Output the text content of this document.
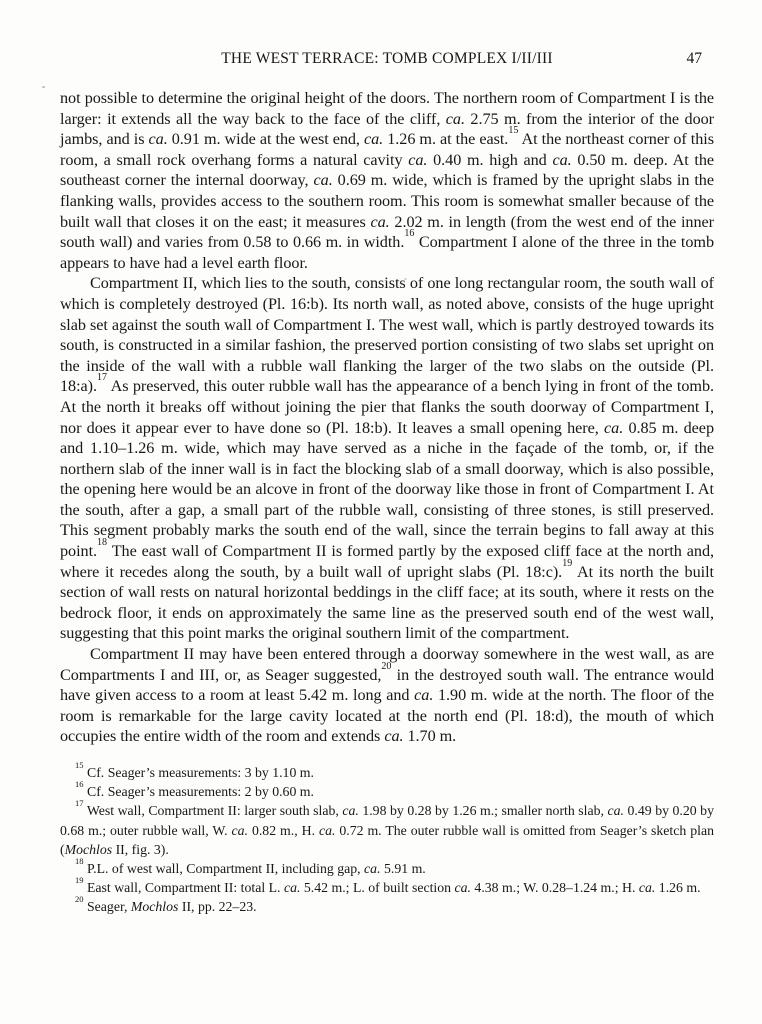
THE WEST TERRACE: TOMB COMPLEX I/II/III	47

not possible to determine the original height of the doors. The northern room of Compartment I is the larger: it extends all the way back to the face of the cliff, ca. 2.75 m. from the interior of the door jambs, and is ca. 0.91 m. wide at the west end, ca. 1.26 m. at the east.$^{15}$ At the northeast corner of this room, a small rock overhang forms a natural cavity ca. 0.40 m. high and ca. 0.50 m. deep. At the southeast corner the internal doorway, ca. 0.69 m. wide, which is framed by the upright slabs in the flanking walls, provides access to the southern room. This room is somewhat smaller because of the built wall that closes it on the east; it measures ca. 2.02 m. in length (from the west end of the inner south wall) and varies from 0.58 to 0.66 m. in width.$^{16}$ Compartment I alone of the three in the tomb appears to have had a level earth floor.

Compartment II, which lies to the south, consists of one long rectangular room, the south wall of which is completely destroyed (Pl. 16:b). Its north wall, as noted above, consists of the huge upright slab set against the south wall of Compartment I. The west wall, which is partly destroyed towards its south, is constructed in a similar fashion, the preserved portion consisting of two slabs set upright on the inside of the wall with a rubble wall flanking the larger of the two slabs on the outside (Pl. 18:a).$^{17}$ As preserved, this outer rubble wall has the appearance of a bench lying in front of the tomb. At the north it breaks off without joining the pier that flanks the south doorway of Compartment I, nor does it appear ever to have done so (Pl. 18:b). It leaves a small opening here, ca. 0.85 m. deep and 1.10–1.26 m. wide, which may have served as a niche in the façade of the tomb, or, if the northern slab of the inner wall is in fact the blocking slab of a small doorway, which is also possible, the opening here would be an alcove in front of the doorway like those in front of Compartment I. At the south, after a gap, a small part of the rubble wall, consisting of three stones, is still preserved. This segment probably marks the south end of the wall, since the terrain begins to fall away at this point.$^{18}$ The east wall of Compartment II is formed partly by the exposed cliff face at the north and, where it recedes along the south, by a built wall of upright slabs (Pl. 18:c).$^{19}$ At its north the built section of wall rests on natural horizontal beddings in the cliff face; at its south, where it rests on the bedrock floor, it ends on approximately the same line as the preserved south end of the west wall, suggesting that this point marks the original southern limit of the compartment.

Compartment II may have been entered through a doorway somewhere in the west wall, as are Compartments I and III, or, as Seager suggested,$^{20}$ in the destroyed south wall. The entrance would have given access to a room at least 5.42 m. long and ca. 1.90 m. wide at the north. The floor of the room is remarkable for the large cavity located at the north end (Pl. 18:d), the mouth of which occupies the entire width of the room and extends ca. 1.70 m.

$^{15}$ Cf. Seager’s measurements: 3 by 1.10 m.

$^{16}$ Cf. Seager’s measurements: 2 by 0.60 m.

$^{17}$ West wall, Compartment II: larger south slab, ca. 1.98 by 0.28 by 1.26 m.; smaller north slab, ca. 0.49 by 0.20 by 0.68 m.; outer rubble wall, W. ca. 0.82 m., H. ca. 0.72 m. The outer rubble wall is omitted from Seager’s sketch plan (Mochlos II, fig. 3).

$^{18}$ P.L. of west wall, Compartment II, including gap, ca. 5.91 m.

$^{19}$ East wall, Compartment II: total L. ca. 5.42 m.; L. of built section ca. 4.38 m.; W. 0.28–1.24 m.; H. ca. 1.26 m.

$^{20}$ Seager, Mochlos II, pp. 22–23.
